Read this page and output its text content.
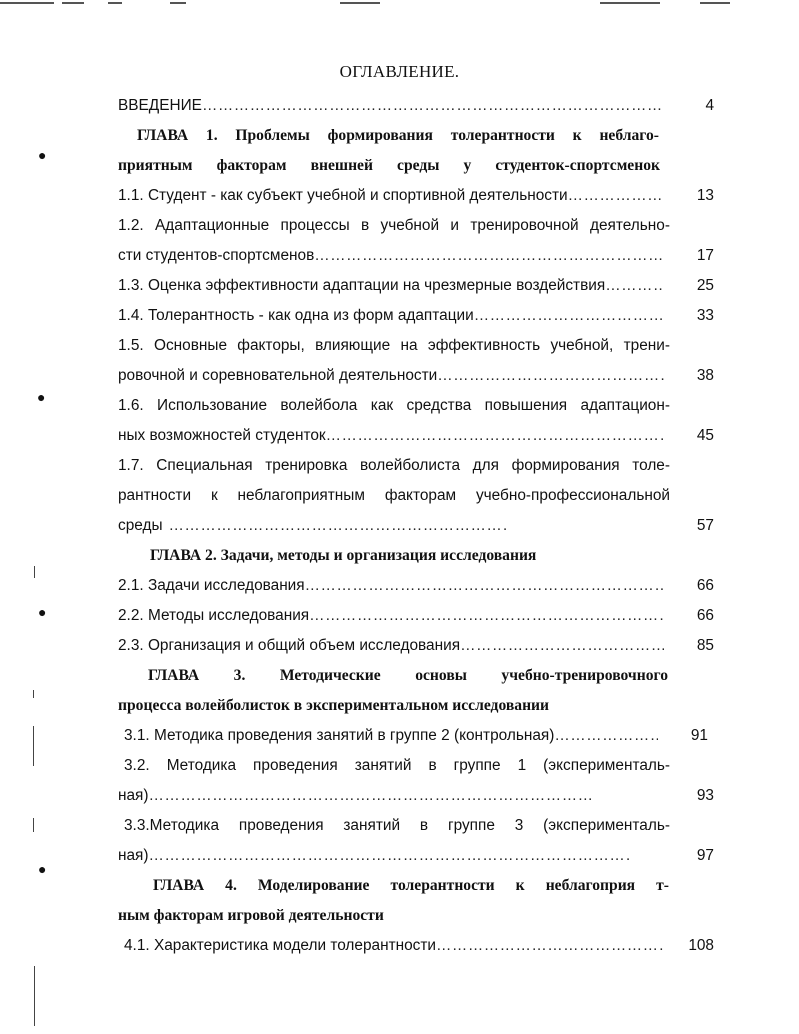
●
●
●
●
ОГЛАВЛЕНИЕ.
ВВЕДЕНИЕ …………………………………………………………………………………………………………………………………………………………	4
ГЛАВА 1. Проблемы формирования толерантности к неблаго-
приятным факторам внешней среды у студенток-спортсменок
1.1. Студент - как субъект учебной и спортивной деятельности …………………………………………………………………………………………………………………………………………………………	13
1.2. Адаптационные процессы в учебной и тренировочной деятельно-
сти студентов-спортсменов …………………………………………………………………………………………………………………………………………………………	17
1.3. Оценка эффективности адаптации на чрезмерные воздействия …………………………………………………………………………………………………………………………………………………………	25
1.4. Толерантность - как одна из форм адаптации …………………………………………………………………………………………………………………………………………………………	33
1.5. Основные факторы, влияющие на эффективность учебной, трени-
ровочной и соревновательной деятельности …………………………………………………………………………………………………………………………………………………………	38
1.6. Использование волейбола как средства повышения адаптацион-
ных возможностей студенток …………………………………………………………………………………………………………………………………………………………	45
1.7. Специальная тренировка волейболиста для формирования толе-
рантности к неблагоприятным факторам учебно-профессиональной
среды …………………………………………………………………………………………………………………………………………………………	57
ГЛАВА 2. Задачи, методы и организация исследования
2.1. Задачи исследования …………………………………………………………………………………………………………………………………………………………	66
2.2. Методы исследования …………………………………………………………………………………………………………………………………………………………	66
2.3. Организация и общий объем исследования …………………………………………………………………………………………………………………………………………………………	85
ГЛАВА 3. Методические основы учебно-тренировочного
процесса волейболисток в экспериментальном исследовании
3.1. Методика проведения занятий в группе 2 (контрольная) …………………………………………………………………………………………………………………………………………………………	91
3.2. Методика проведения занятий в группе 1 (эксперименталь-
ная) …………………………………………………………………………………………………………………………………………………………	93
3.3.Методика проведения занятий в группе 3 (эксперименталь-
ная) …………………………………………………………………………………………………………………………………………………………	97
ГЛАВА 4. Моделирование толерантности к неблагоприя т-
ным факторам игровой деятельности
4.1. Характеристика модели толерантности …………………………………………………………………………………………………………………………………………………………	108
